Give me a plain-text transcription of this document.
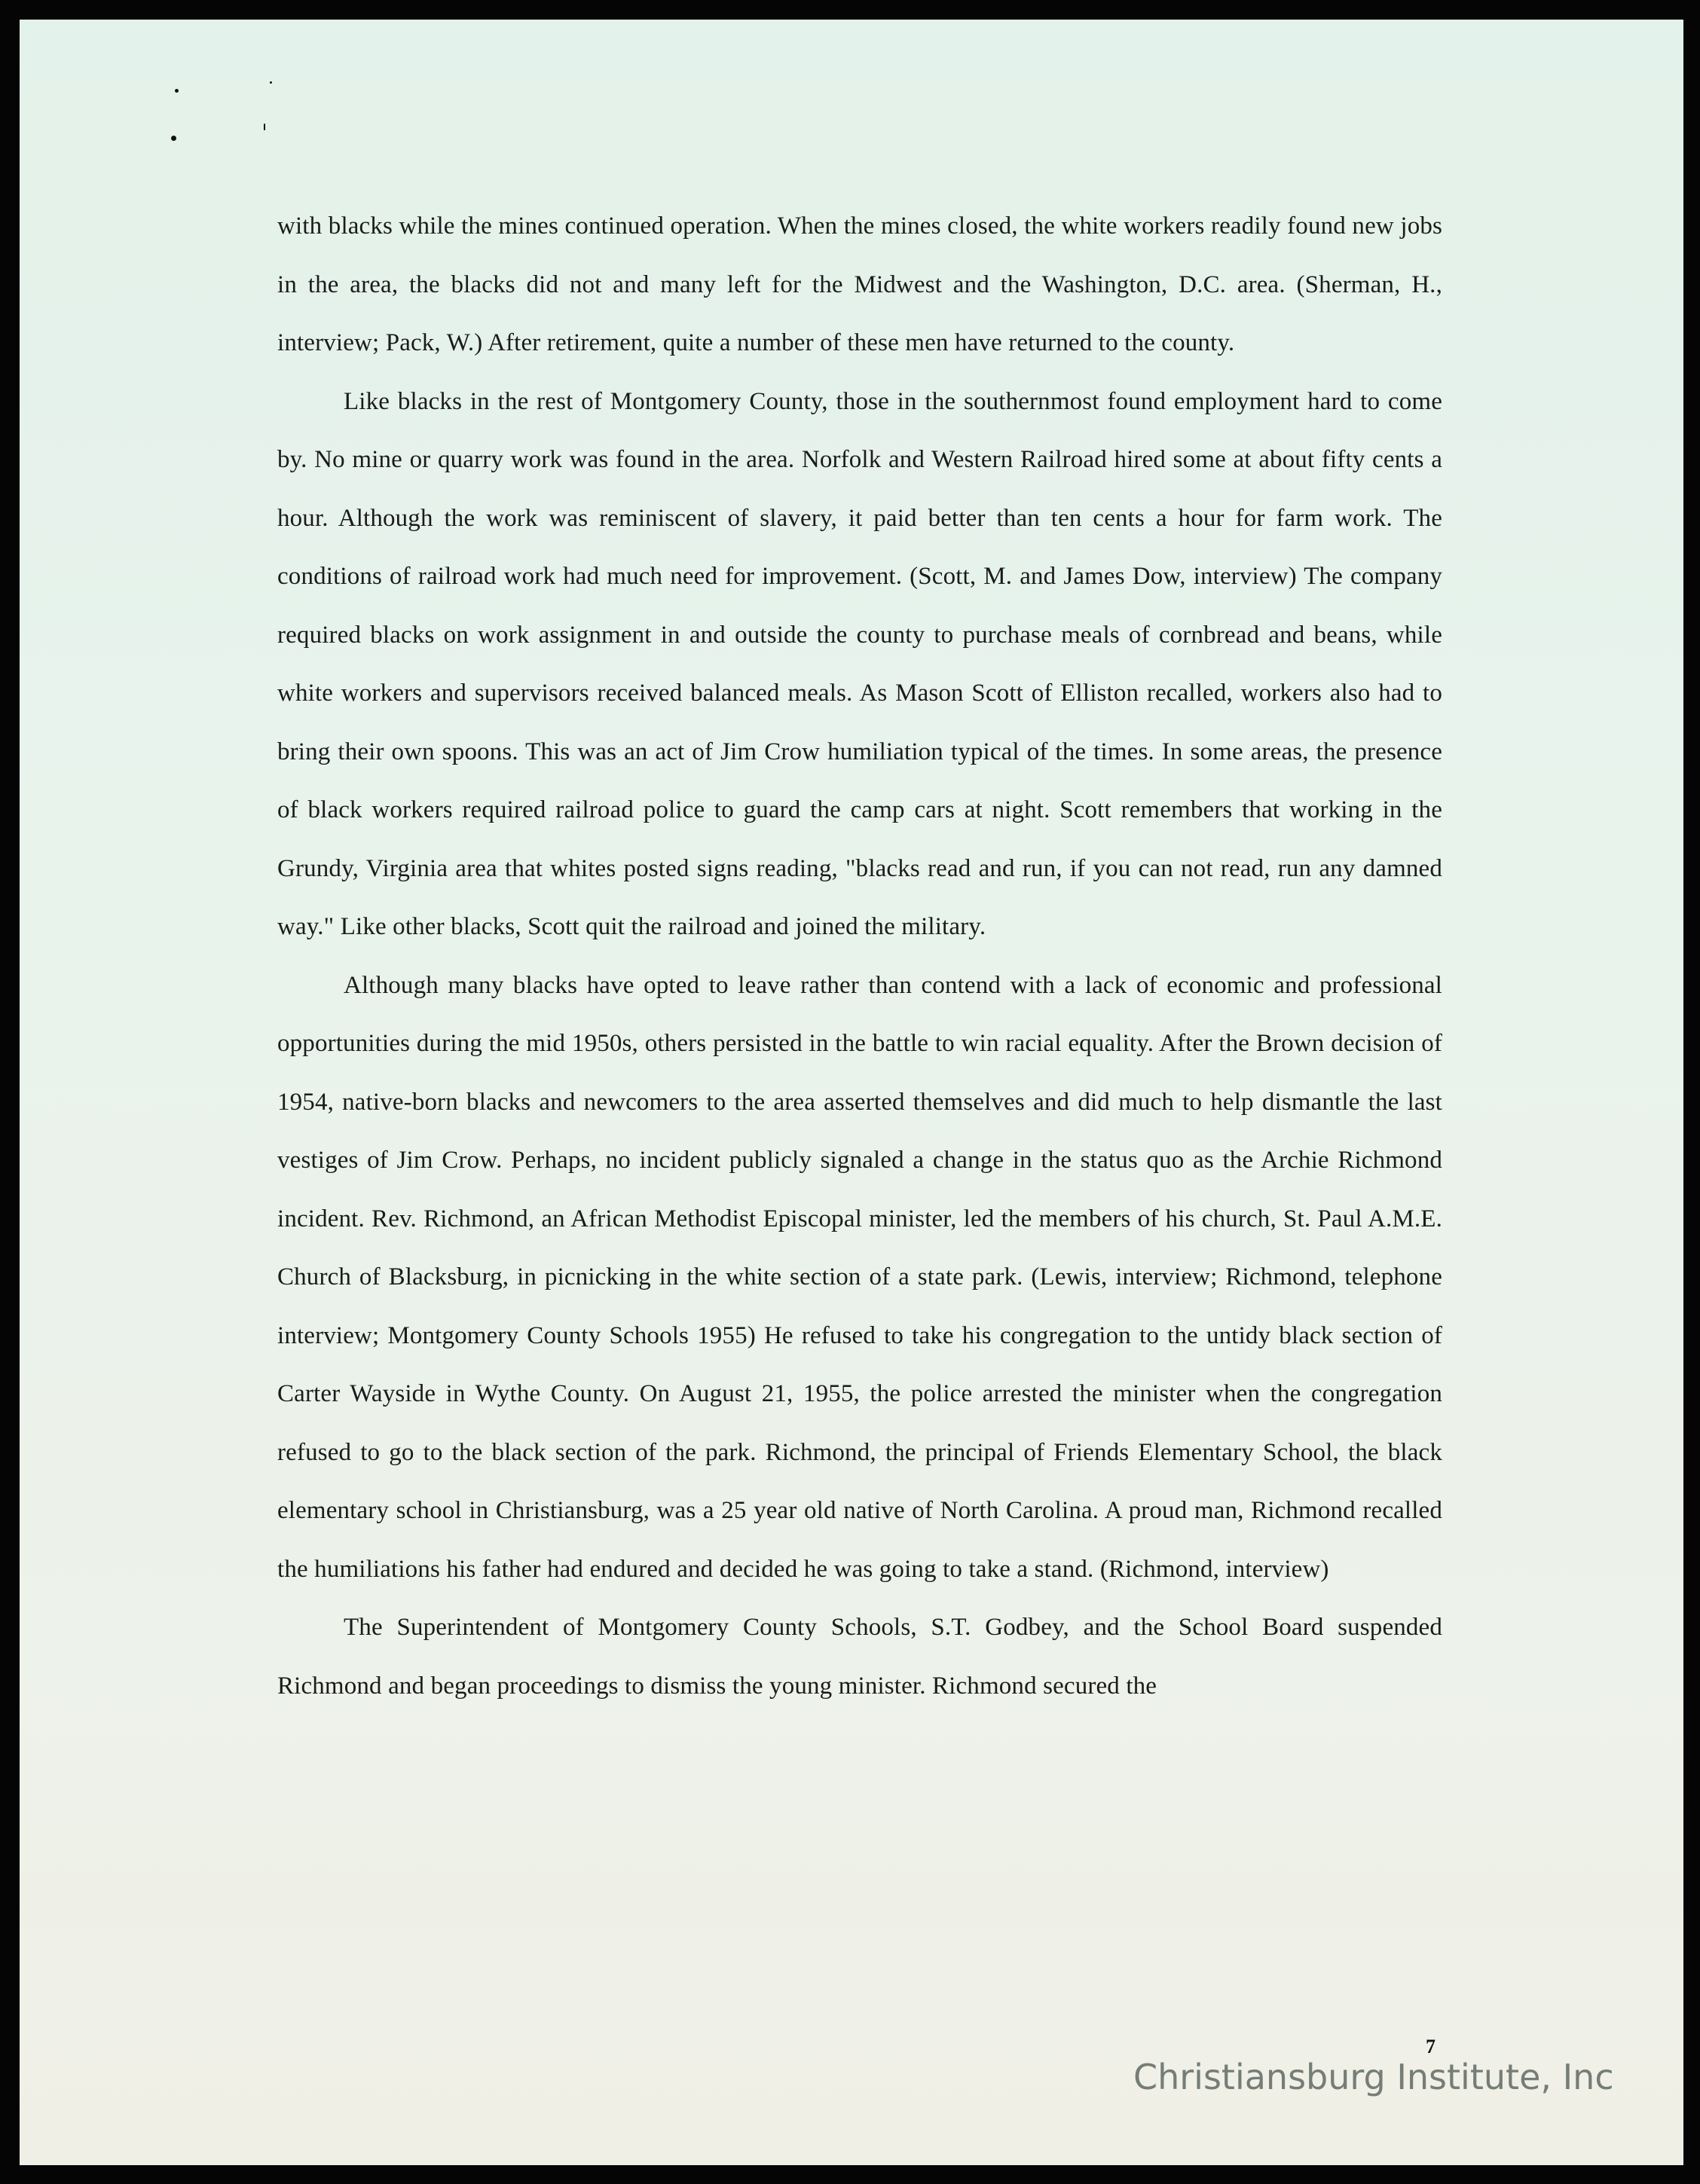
with blacks while the mines continued operation. When the mines closed, the white workers readily found new jobs in the area, the blacks did not and many left for the Midwest and the Washington, D.C. area. (Sherman, H., interview; Pack, W.) After retirement, quite a number of these men have returned to the county.

Like blacks in the rest of Montgomery County, those in the southernmost found employment hard to come by. No mine or quarry work was found in the area. Norfolk and Western Railroad hired some at about fifty cents a hour. Although the work was reminiscent of slavery, it paid better than ten cents a hour for farm work. The conditions of railroad work had much need for improvement. (Scott, M. and James Dow, interview) The company required blacks on work assignment in and outside the county to purchase meals of cornbread and beans, while white workers and supervisors received balanced meals. As Mason Scott of Elliston recalled, workers also had to bring their own spoons. This was an act of Jim Crow humiliation typical of the times. In some areas, the presence of black workers required railroad police to guard the camp cars at night. Scott remembers that working in the Grundy, Virginia area that whites posted signs reading, "blacks read and run, if you can not read, run any damned way." Like other blacks, Scott quit the railroad and joined the military.

Although many blacks have opted to leave rather than contend with a lack of economic and professional opportunities during the mid 1950s, others persisted in the battle to win racial equality. After the Brown decision of 1954, native-born blacks and newcomers to the area asserted themselves and did much to help dismantle the last vestiges of Jim Crow. Perhaps, no incident publicly signaled a change in the status quo as the Archie Richmond incident. Rev. Richmond, an African Methodist Episcopal minister, led the members of his church, St. Paul A.M.E. Church of Blacksburg, in picnicking in the white section of a state park. (Lewis, interview; Richmond, telephone interview; Montgomery County Schools 1955) He refused to take his congregation to the untidy black section of Carter Wayside in Wythe County. On August 21, 1955, the police arrested the minister when the congregation refused to go to the black section of the park. Richmond, the principal of Friends Elementary School, the black elementary school in Christiansburg, was a 25 year old native of North Carolina. A proud man, Richmond recalled the humiliations his father had endured and decided he was going to take a stand. (Richmond, interview)

The Superintendent of Montgomery County Schools, S.T. Godbey, and the School Board suspended Richmond and began proceedings to dismiss the young minister. Richmond secured the

7
Christiansburg Institute, Inc
